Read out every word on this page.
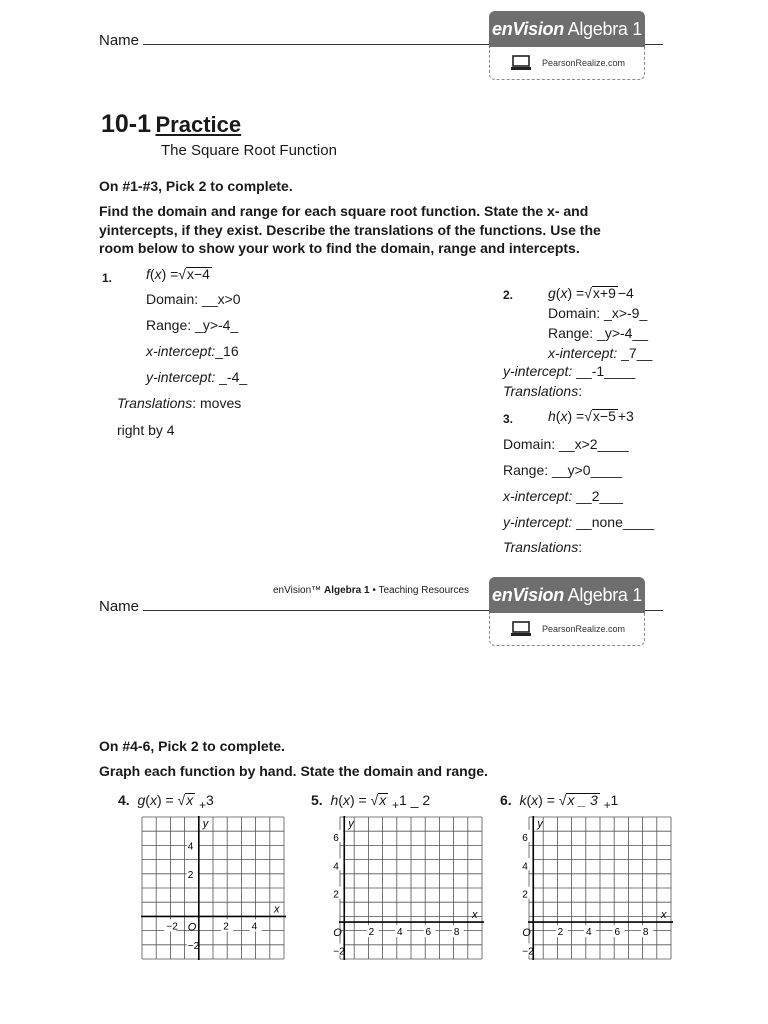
Name
enVision Algebra 1
PearsonRealize.com
10-1 Practice
The Square Root Function
On #1-#3, Pick 2 to complete.
Find the domain and range for each square root function. State the x- and yintercepts, if they exist. Describe the translations of the functions. Use the room below to show your work to find the domain, range and intercepts.
1. f(x) =√x−4
Domain: __x>0
Range: _y>-4_
x-intercept:_16
y-intercept: _-4_
Translations: moves
right by 4
2. g(x) =√x+9 −4
Domain: _x>-9_
Range: _y>-4__
x-intercept: _7__
y-intercept: __-1____
Translations:
3. h(x) =√x−5 +3
Domain: __x>2____
Range: __y>0____
x-intercept: __2___
y-intercept: __none____
Translations:
enVision™ Algebra 1 • Teaching Resources
Name
enVision Algebra 1
PearsonRealize.com
On #4-6, Pick 2 to complete.
Graph each function by hand. State the domain and range.
4. g(x) = √x $_+$3	5. h(x) = √x $_+$1 _ 2	6. k(x) = √x _ 3 $_+$1
x
y
O
−2	2 4
4
2
−2
x
y
O	2 4 6 8
6
4
2
−2
x
y
O	2 4 6 8
6
4
2
−2
